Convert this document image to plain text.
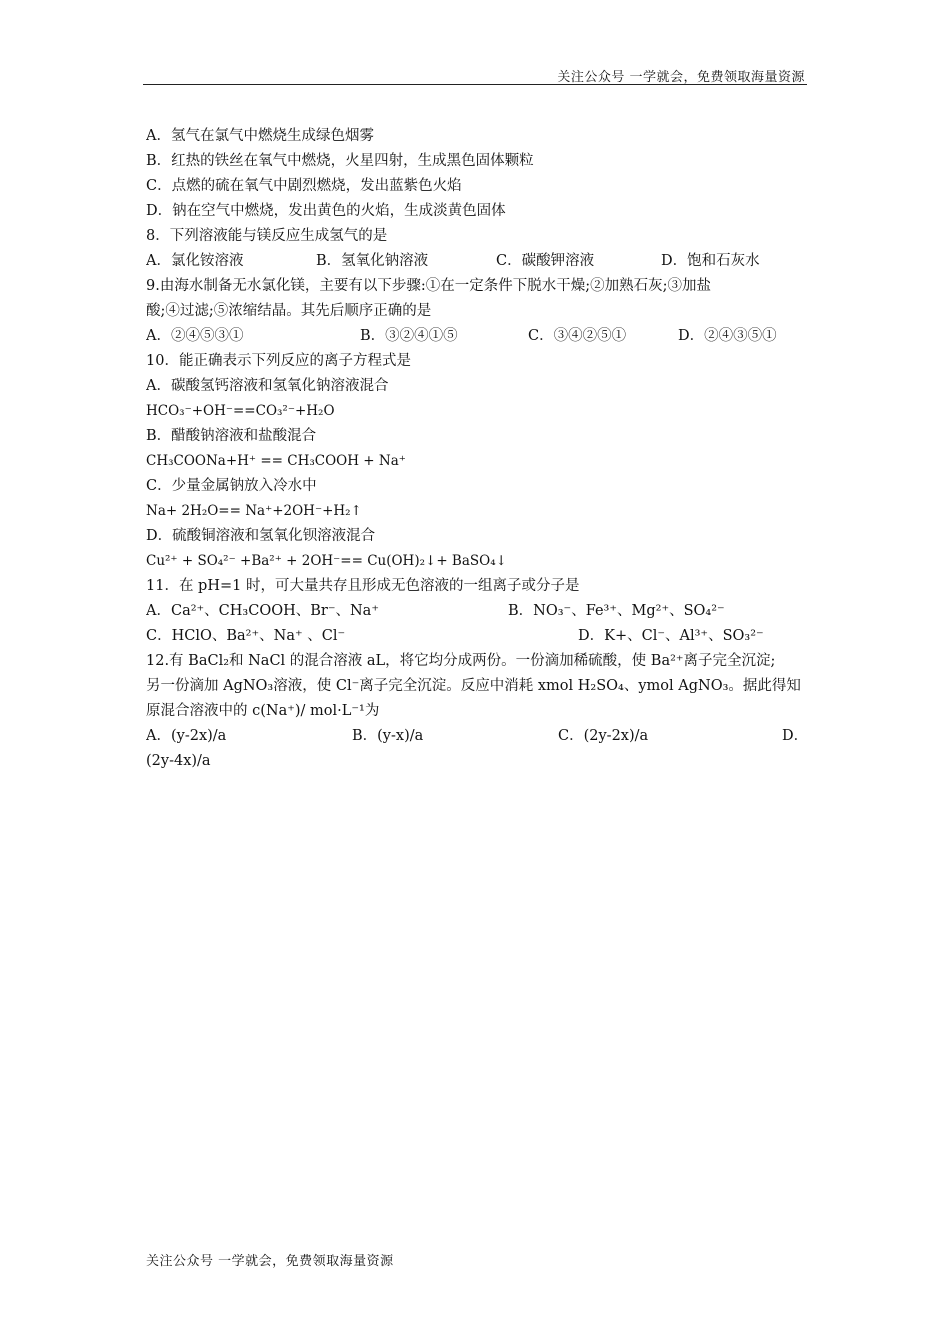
关注公众号 一学就会，免费领取海量资源
A．氢气在氯气中燃烧生成绿色烟雾
B．红热的铁丝在氧气中燃烧，火星四射，生成黑色固体颗粒
C．点燃的硫在氧气中剧烈燃烧，发出蓝紫色火焰
D．钠在空气中燃烧，发出黄色的火焰，生成淡黄色固体
8．下列溶液能与镁反应生成氢气的是
A．氯化铵溶液	B．氢氧化钠溶液	C．碳酸钾溶液	D．饱和石灰水
9.由海水制备无水氯化镁，主要有以下步骤:①在一定条件下脱水干燥;②加熟石灰;③加盐
酸;④过滤;⑤浓缩结晶。其先后顺序正确的是
A．②④⑤③①	B．③②④①⑤	C．③④②⑤①	D．②④③⑤①
10．能正确表示下列反应的离子方程式是
A．碳酸氢钙溶液和氢氧化钠溶液混合
HCO₃⁻+OH⁻==CO₃²⁻+H₂O
B．醋酸钠溶液和盐酸混合
CH₃COONa+H⁺ == CH₃COOH + Na⁺
C．少量金属钠放入冷水中
Na+ 2H₂O== Na⁺+2OH⁻+H₂↑
D．硫酸铜溶液和氢氧化钡溶液混合
Cu²⁺ + SO₄²⁻ +Ba²⁺ + 2OH⁻== Cu(OH)₂↓+ BaSO₄↓
11．在 pH=1 时，可大量共存且形成无色溶液的一组离子或分子是
A．Ca²⁺、CH₃COOH、Br⁻、Na⁺	B．NO₃⁻、Fe³⁺、Mg²⁺、SO₄²⁻
C．HClO、Ba²⁺、Na⁺ 、Cl⁻	D．K+、Cl⁻、Al³⁺、SO₃²⁻
12.有 BaCl₂和 NaCl 的混合溶液 aL，将它均分成两份。一份滴加稀硫酸，使 Ba²⁺离子完全沉淀;
另一份滴加 AgNO₃溶液，使 Cl⁻离子完全沉淀。反应中消耗 xmol H₂SO₄、ymol AgNO₃。据此得知
原混合溶液中的 c(Na⁺)/ mol·L⁻¹为
A．(y-2x)/a	B．(y-x)/a	C．(2y-2x)/a	D．
(2y-4x)/a
关注公众号 一学就会，免费领取海量资源
